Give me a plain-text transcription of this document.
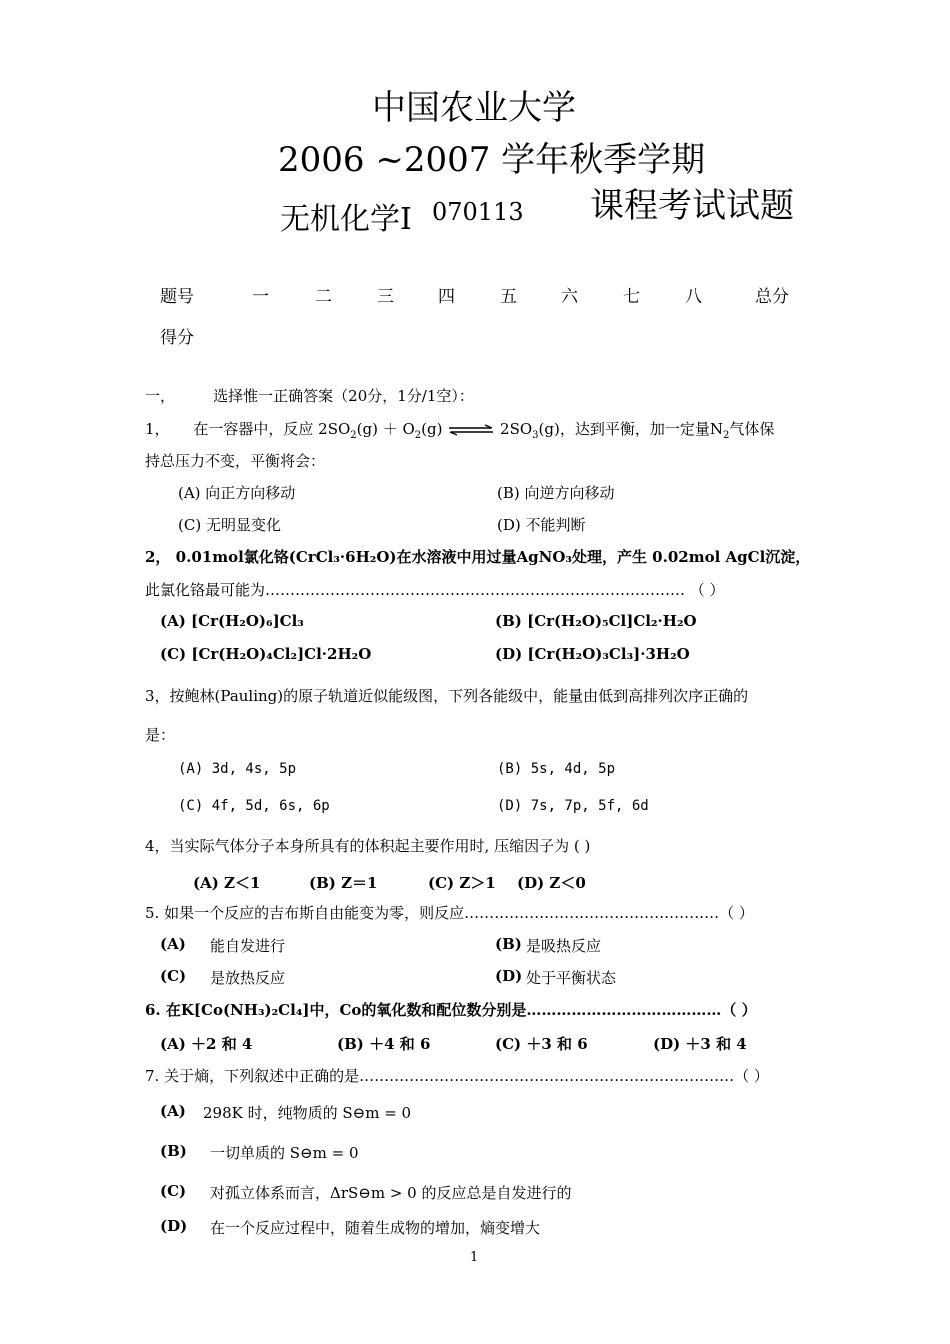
中国农业大学
2006 ~2007 学年秋季学期
无机化学Ⅰ 070113 课程考试试题
题号	一	二	三	四	五	六	七	八	总分
得分
一，        选择惟一正确答案（20分，1分/1空）：
1， 在一容器中，反应 $2SO_2(g) + O_2(g)$ ⇌ $2SO_3(g)$，达到平衡，加一定量$N_2$气体保
持总压力不变，平衡将会：
(A) 向正方向移动	(B) 向逆方向移动
(C) 无明显变化	(D) 不能判断
2， 0.01mol氯化铬(CrCl₃·6H₂O)在水溶液中用过量AgNO₃处理，产生 0.02mol AgCl沉淀，
此氯化铬最可能为………………………………………………………………………… （ ）
(A) [Cr(H₂O)₆]Cl₃	(B) [Cr(H₂O)₅Cl]Cl₂·H₂O
(C) [Cr(H₂O)₄Cl₂]Cl·2H₂O	(D) [Cr(H₂O)₃Cl₃]·3H₂O
3，按鲍林(Pauling)的原子轨道近似能级图，下列各能级中，能量由低到高排列次序正确的
是：
(A) 3d, 4s, 5p	(B) 5s, 4d, 5p
(C) 4f, 5d, 6s, 6p	(D) 7s, 7p, 5f, 6d
4，当实际气体分子本身所具有的体积起主要作用时, 压缩因子为 ( )
(A) Z＜1	(B) Z＝1	(C) Z＞1 (D) Z＜0
5. 如果一个反应的吉布斯自由能变为零，则反应……………………………………………（ ）
(A) 能自发进行	(B) 是吸热反应
(C) 是放热反应	(D) 处于平衡状态
6. 在K[Co(NH₃)₂Cl₄]中，Co的氧化数和配位数分别是…………………………………（ ）
(A) ＋2 和 4	(B) ＋4 和 6	(C) ＋3 和 6	(D) ＋3 和 4
7. 关于熵，下列叙述中正确的是…………………………………………………………………（ ）
(A) 298K 时，纯物质的 S⊖m = 0
(B) 一切单质的 S⊖m = 0
(C) 对孤立体系而言，ΔrS⊖m > 0 的反应总是自发进行的
(D) 在一个反应过程中，随着生成物的增加，熵变增大
1
